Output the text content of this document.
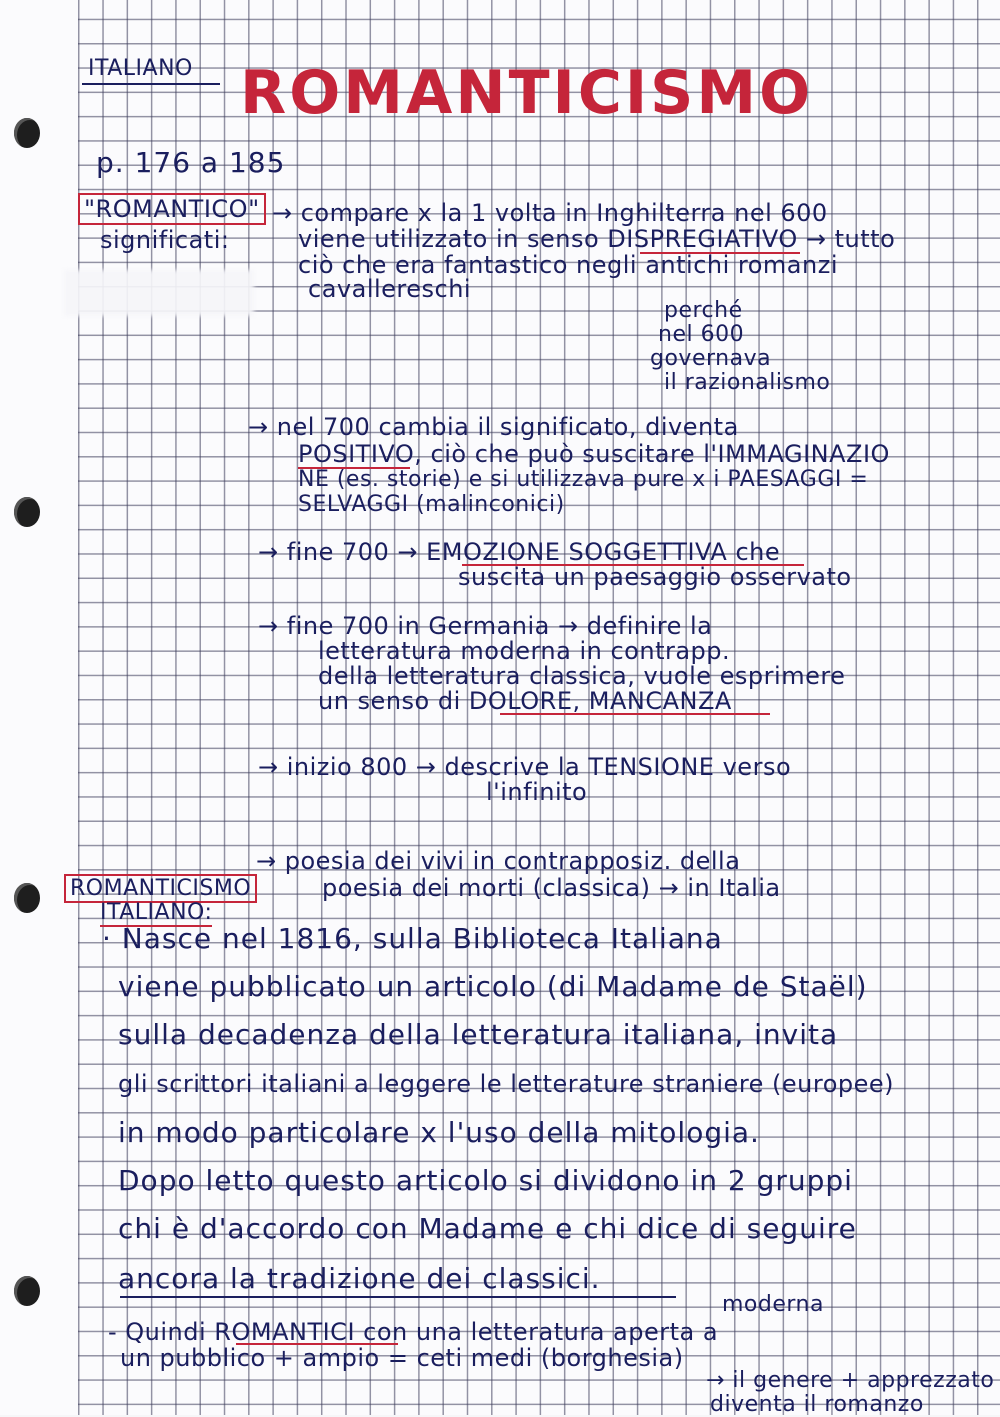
ITALIANO ROMANTICISMO
p. 176 a 185
"ROMANTICO"
significati:
→ compare x la 1 volta in Inghilterra nel 600
viene utilizzato in senso DISPREGIATIVO → tutto
ciò che era fantastico negli antichi romanzi
cavallereschi
perché
nel 600
governava
il razionalismo
→ nel 700 cambia il significato, diventa
POSITIVO, ciò che può suscitare l'IMMAGINAZIO
NE (es. storie) e si utilizzava pure x i PAESAGGI =
SELVAGGI (malinconici)
→ fine 700 → EMOZIONE SOGGETTIVA che
suscita un paesaggio osservato
→ fine 700 in Germania → definire la
letteratura moderna in contrapp.
della letteratura classica, vuole esprimere
un senso di DOLORE, MANCANZA
→ inizio 800 → descrive la TENSIONE verso
l'infinito
→ poesia dei vivi in contrapposiz. della
poesia dei morti (classica) → in Italia
ROMANTICISMO
ITALIANO:
· Nasce nel 1816, sulla Biblioteca Italiana
viene pubblicato un articolo (di Madame de Staël)
sulla decadenza della letteratura italiana, invita
gli scrittori italiani a leggere le letterature straniere (europee)
in modo particolare x l'uso della mitologia.
Dopo letto questo articolo si dividono in 2 gruppi
chi è d'accordo con Madame e chi dice di seguire
ancora la tradizione dei classici.
moderna
- Quindi ROMANTICI con una letteratura aperta a
un pubblico + ampio = ceti medi (borghesia)
→ il genere + apprezzato
diventa il romanzo
